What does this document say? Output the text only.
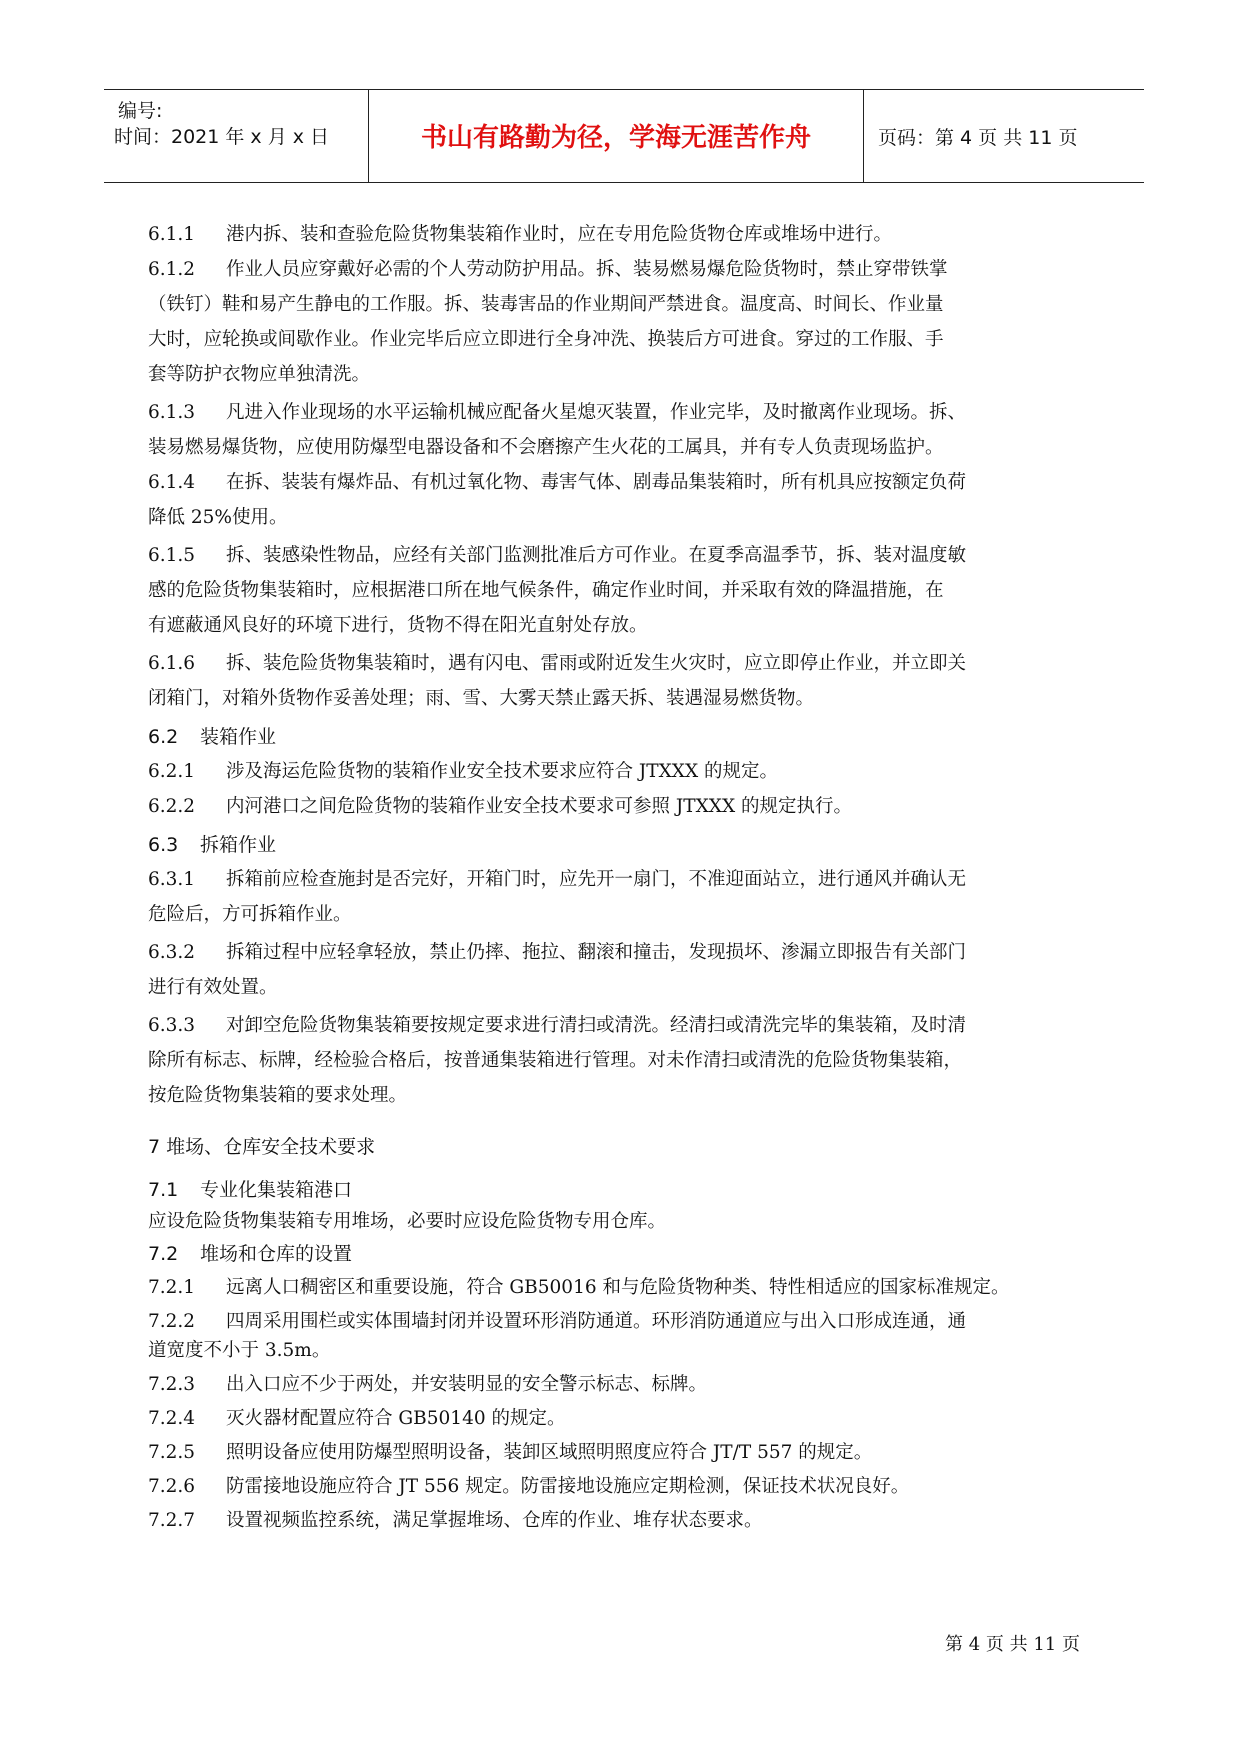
编号:
时间：2021 年 x 月 x 日	书山有路勤为径，学海无涯苦作舟	页码：第 4 页 共 11 页
6.1.1 港内拆、装和查验危险货物集装箱作业时，应在专用危险货物仓库或堆场中进行。
6.1.2 作业人员应穿戴好必需的个人劳动防护用品。拆、装易燃易爆危险货物时，禁止穿带铁掌
（铁钉）鞋和易产生静电的工作服。拆、装毒害品的作业期间严禁进食。温度高、时间长、作业量
大时，应轮换或间歇作业。作业完毕后应立即进行全身冲洗、换装后方可进食。穿过的工作服、手
套等防护衣物应单独清洗。
6.1.3 凡进入作业现场的水平运输机械应配备火星熄灭装置，作业完毕，及时撤离作业现场。拆、
装易燃易爆货物，应使用防爆型电器设备和不会磨擦产生火花的工属具，并有专人负责现场监护。
6.1.4 在拆、装装有爆炸品、有机过氧化物、毒害气体、剧毒品集装箱时，所有机具应按额定负荷
降低 25%使用。
6.1.5 拆、装感染性物品，应经有关部门监测批准后方可作业。在夏季高温季节，拆、装对温度敏
感的危险货物集装箱时，应根据港口所在地气候条件，确定作业时间，并采取有效的降温措施，在
有遮蔽通风良好的环境下进行，货物不得在阳光直射处存放。
6.1.6 拆、装危险货物集装箱时，遇有闪电、雷雨或附近发生火灾时，应立即停止作业，并立即关
闭箱门，对箱外货物作妥善处理；雨、雪、大雾天禁止露天拆、装遇湿易燃货物。
6.2 装箱作业
6.2.1 涉及海运危险货物的装箱作业安全技术要求应符合 JTXXX 的规定。
6.2.2 内河港口之间危险货物的装箱作业安全技术要求可参照 JTXXX 的规定执行。
6.3 拆箱作业
6.3.1 拆箱前应检查施封是否完好，开箱门时，应先开一扇门，不准迎面站立，进行通风并确认无
危险后，方可拆箱作业。
6.3.2 拆箱过程中应轻拿轻放，禁止仍摔、拖拉、翻滚和撞击，发现损坏、渗漏立即报告有关部门
进行有效处置。
6.3.3 对卸空危险货物集装箱要按规定要求进行清扫或清洗。经清扫或清洗完毕的集装箱，及时清
除所有标志、标牌，经检验合格后，按普通集装箱进行管理。对未作清扫或清洗的危险货物集装箱，
按危险货物集装箱的要求处理。
7 堆场、仓库安全技术要求
7.1 专业化集装箱港口
应设危险货物集装箱专用堆场，必要时应设危险货物专用仓库。
7.2 堆场和仓库的设置
7.2.1 远离人口稠密区和重要设施，符合 GB50016 和与危险货物种类、特性相适应的国家标准规定。
7.2.2 四周采用围栏或实体围墙封闭并设置环形消防通道。环形消防通道应与出入口形成连通，通
道宽度不小于 3.5m。
7.2.3 出入口应不少于两处，并安装明显的安全警示标志、标牌。
7.2.4 灭火器材配置应符合 GB50140 的规定。
7.2.5 照明设备应使用防爆型照明设备，装卸区域照明照度应符合 JT/T 557 的规定。
7.2.6 防雷接地设施应符合 JT 556 规定。防雷接地设施应定期检测，保证技术状况良好。
7.2.7 设置视频监控系统，满足掌握堆场、仓库的作业、堆存状态要求。
第 4 页 共 11 页
